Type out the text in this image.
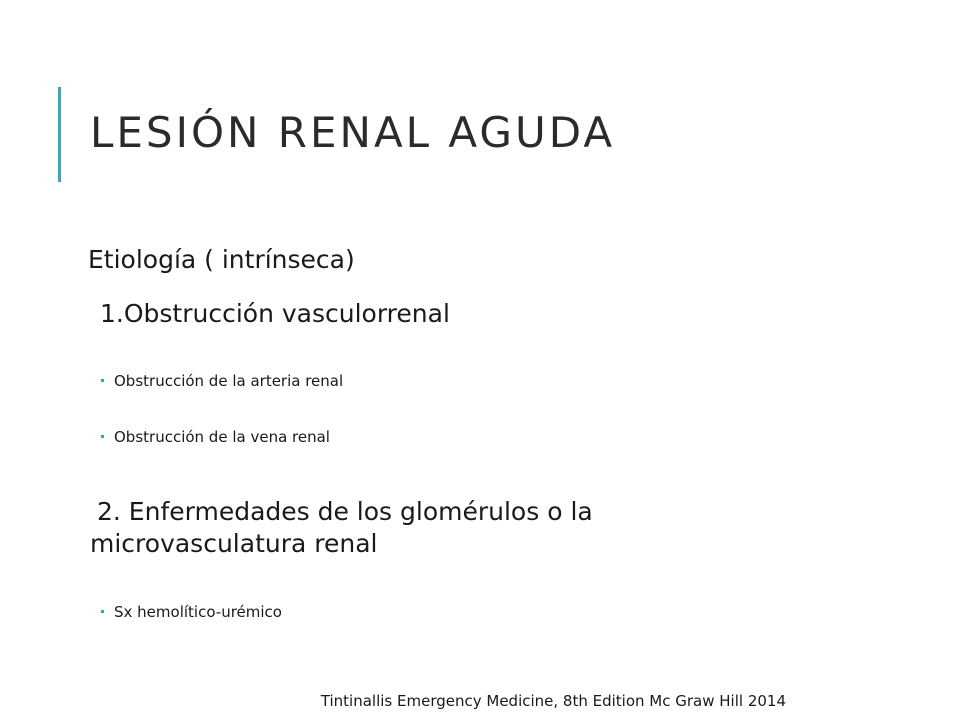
LESIÓN RENAL AGUDA
Etiología ( intrínseca)
1.Obstrucción vasculorrenal
Obstrucción de la arteria renal
Obstrucción de la vena renal
2. Enfermedades de los glomérulos o la
microvasculatura renal
Sx hemolítico-urémico
Tintinallis Emergency Medicine, 8th Edition Mc Graw Hill 2014
